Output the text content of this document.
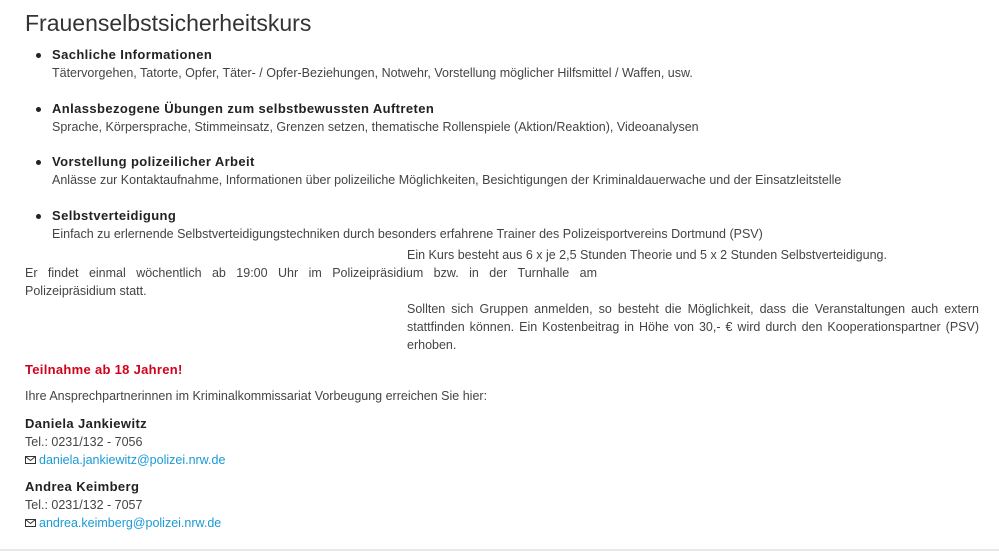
Frauenselbstsicherheitskurs
Sachliche Informationen
Tätervorgehen, Tatorte, Opfer, Täter- / Opfer-Beziehungen, Notwehr, Vorstellung möglicher Hilfsmittel / Waffen, usw.
Anlassbezogene Übungen zum selbstbewussten Auftreten
Sprache, Körpersprache, Stimmeinsatz, Grenzen setzen, thematische Rollenspiele (Aktion/Reaktion), Videoanalysen
Vorstellung polizeilicher Arbeit
Anlässe zur Kontaktaufnahme, Informationen über polizeiliche Möglichkeiten, Besichtigungen der Kriminaldauerwache und der Einsatzleitstelle
Selbstverteidigung
Einfach zu erlernende Selbstverteidigungstechniken durch besonders erfahrene Trainer des Polizeisportvereins Dortmund (PSV)

Ein Kurs besteht aus 6 x je 2,5 Stunden Theorie und 5 x 2 Stunden Selbstverteidigung.

Er findet einmal wöchentlich ab 19:00 Uhr im Polizeipräsidium bzw. in der Turnhalle am Polizeipräsidium statt.

Sollten sich Gruppen anmelden, so besteht die Möglichkeit, dass die Veranstaltungen auch extern stattfinden können. Ein Kostenbeitrag in Höhe von 30,- € wird durch den Kooperationspartner (PSV) erhoben.

Teilnahme ab 18 Jahren!

Ihre Ansprechpartnerinnen im Kriminalkommissariat Vorbeugung erreichen Sie hier:

Daniela Jankiewitz
Tel.: 0231/132 - 7056
daniela.jankiewitz@polizei.nrw.de
Andrea Keimberg
Tel.: 0231/132 - 7057
andrea.keimberg@polizei.nrw.de
